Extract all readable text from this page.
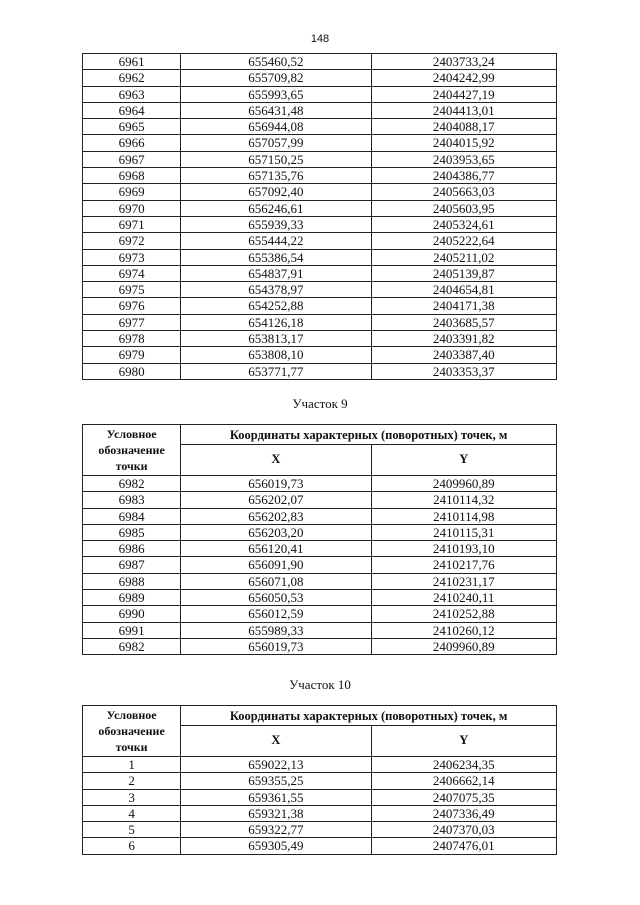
148
6961	655460,52	2403733,24
6962	655709,82	2404242,99
6963	655993,65	2404427,19
6964	656431,48	2404413,01
6965	656944,08	2404088,17
6966	657057,99	2404015,92
6967	657150,25	2403953,65
6968	657135,76	2404386,77
6969	657092,40	2405663,03
6970	656246,61	2405603,95
6971	655939,33	2405324,61
6972	655444,22	2405222,64
6973	655386,54	2405211,02
6974	654837,91	2405139,87
6975	654378,97	2404654,81
6976	654252,88	2404171,38
6977	654126,18	2403685,57
6978	653813,17	2403391,82
6979	653808,10	2403387,40
6980	653771,77	2403353,37
Участок 9
Условное обозначение точки	Координаты характерных (поворотных) точек, м	
	X	Y
6982	656019,73	2409960,89
6983	656202,07	2410114,32
6984	656202,83	2410114,98
6985	656203,20	2410115,31
6986	656120,41	2410193,10
6987	656091,90	2410217,76
6988	656071,08	2410231,17
6989	656050,53	2410240,11
6990	656012,59	2410252,88
6991	655989,33	2410260,12
6982	656019,73	2409960,89
Участок 10
Условное обозначение точки	Координаты характерных (поворотных) точек, м	
	X	Y
1	659022,13	2406234,35
2	659355,25	2406662,14
3	659361,55	2407075,35
4	659321,38	2407336,49
5	659322,77	2407370,03
6	659305,49	2407476,01
